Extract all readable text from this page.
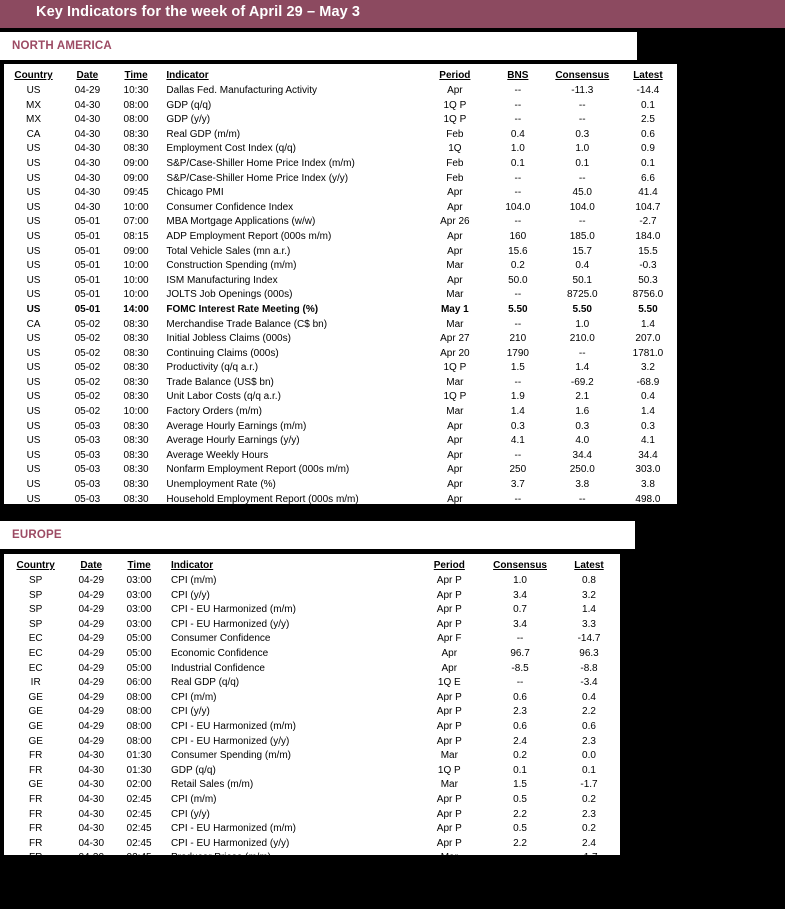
Key Indicators for the week of April 29 – May 3
NORTH AMERICA
Country	Date	Time	Indicator	Period	BNS	Consensus	Latest
US	04-29	10:30	Dallas Fed. Manufacturing Activity	Apr	--	-11.3	-14.4
MX	04-30	08:00	GDP (q/q)	1Q P	--	--	0.1
MX	04-30	08:00	GDP (y/y)	1Q P	--	--	2.5
CA	04-30	08:30	Real GDP (m/m)	Feb	0.4	0.3	0.6
US	04-30	08:30	Employment Cost Index (q/q)	1Q	1.0	1.0	0.9
US	04-30	09:00	S&P/Case-Shiller Home Price Index (m/m)	Feb	0.1	0.1	0.1
US	04-30	09:00	S&P/Case-Shiller Home Price Index (y/y)	Feb	--	--	6.6
US	04-30	09:45	Chicago PMI	Apr	--	45.0	41.4
US	04-30	10:00	Consumer Confidence Index	Apr	104.0	104.0	104.7
US	05-01	07:00	MBA Mortgage Applications (w/w)	Apr 26	--	--	-2.7
US	05-01	08:15	ADP Employment Report (000s m/m)	Apr	160	185.0	184.0
US	05-01	09:00	Total Vehicle Sales (mn a.r.)	Apr	15.6	15.7	15.5
US	05-01	10:00	Construction Spending (m/m)	Mar	0.2	0.4	-0.3
US	05-01	10:00	ISM Manufacturing Index	Apr	50.0	50.1	50.3
US	05-01	10:00	JOLTS Job Openings (000s)	Mar	--	8725.0	8756.0
US	05-01	14:00	FOMC Interest Rate Meeting (%)	May 1	5.50	5.50	5.50
CA	05-02	08:30	Merchandise Trade Balance (C$ bn)	Mar	--	1.0	1.4
US	05-02	08:30	Initial Jobless Claims (000s)	Apr 27	210	210.0	207.0
US	05-02	08:30	Continuing Claims (000s)	Apr 20	1790	--	1781.0
US	05-02	08:30	Productivity (q/q a.r.)	1Q P	1.5	1.4	3.2
US	05-02	08:30	Trade Balance (US$ bn)	Mar	--	-69.2	-68.9
US	05-02	08:30	Unit Labor Costs (q/q a.r.)	1Q P	1.9	2.1	0.4
US	05-02	10:00	Factory Orders (m/m)	Mar	1.4	1.6	1.4
US	05-03	08:30	Average Hourly Earnings (m/m)	Apr	0.3	0.3	0.3
US	05-03	08:30	Average Hourly Earnings (y/y)	Apr	4.1	4.0	4.1
US	05-03	08:30	Average Weekly Hours	Apr	--	34.4	34.4
US	05-03	08:30	Nonfarm Employment Report (000s m/m)	Apr	250	250.0	303.0
US	05-03	08:30	Unemployment Rate (%)	Apr	3.7	3.8	3.8
US	05-03	08:30	Household Employment Report (000s m/m)	Apr	--	--	498.0
US	05-03	10:00	ISM Non-Manufacturing Composite	Apr	52.0	52.1	51.4
EUROPE
Country	Date	Time	Indicator	Period	Consensus	Latest
SP	04-29	03:00	CPI (m/m)	Apr P	1.0	0.8
SP	04-29	03:00	CPI (y/y)	Apr P	3.4	3.2
SP	04-29	03:00	CPI - EU Harmonized (m/m)	Apr P	0.7	1.4
SP	04-29	03:00	CPI - EU Harmonized (y/y)	Apr P	3.4	3.3
EC	04-29	05:00	Consumer Confidence	Apr F	--	-14.7
EC	04-29	05:00	Economic Confidence	Apr	96.7	96.3
EC	04-29	05:00	Industrial Confidence	Apr	-8.5	-8.8
IR	04-29	06:00	Real GDP (q/q)	1Q E	--	-3.4
GE	04-29	08:00	CPI (m/m)	Apr P	0.6	0.4
GE	04-29	08:00	CPI (y/y)	Apr P	2.3	2.2
GE	04-29	08:00	CPI - EU Harmonized (m/m)	Apr P	0.6	0.6
GE	04-29	08:00	CPI - EU Harmonized (y/y)	Apr P	2.4	2.3
FR	04-30	01:30	Consumer Spending (m/m)	Mar	0.2	0.0
FR	04-30	01:30	GDP (q/q)	1Q P	0.1	0.1
GE	04-30	02:00	Retail Sales (m/m)	Mar	1.5	-1.7
FR	04-30	02:45	CPI (m/m)	Apr P	0.5	0.2
FR	04-30	02:45	CPI (y/y)	Apr P	2.2	2.3
FR	04-30	02:45	CPI - EU Harmonized (m/m)	Apr P	0.5	0.2
FR	04-30	02:45	CPI - EU Harmonized (y/y)	Apr P	2.2	2.4
FR	04-30	02:45	Producer Prices (m/m)	Mar	--	-1.7
